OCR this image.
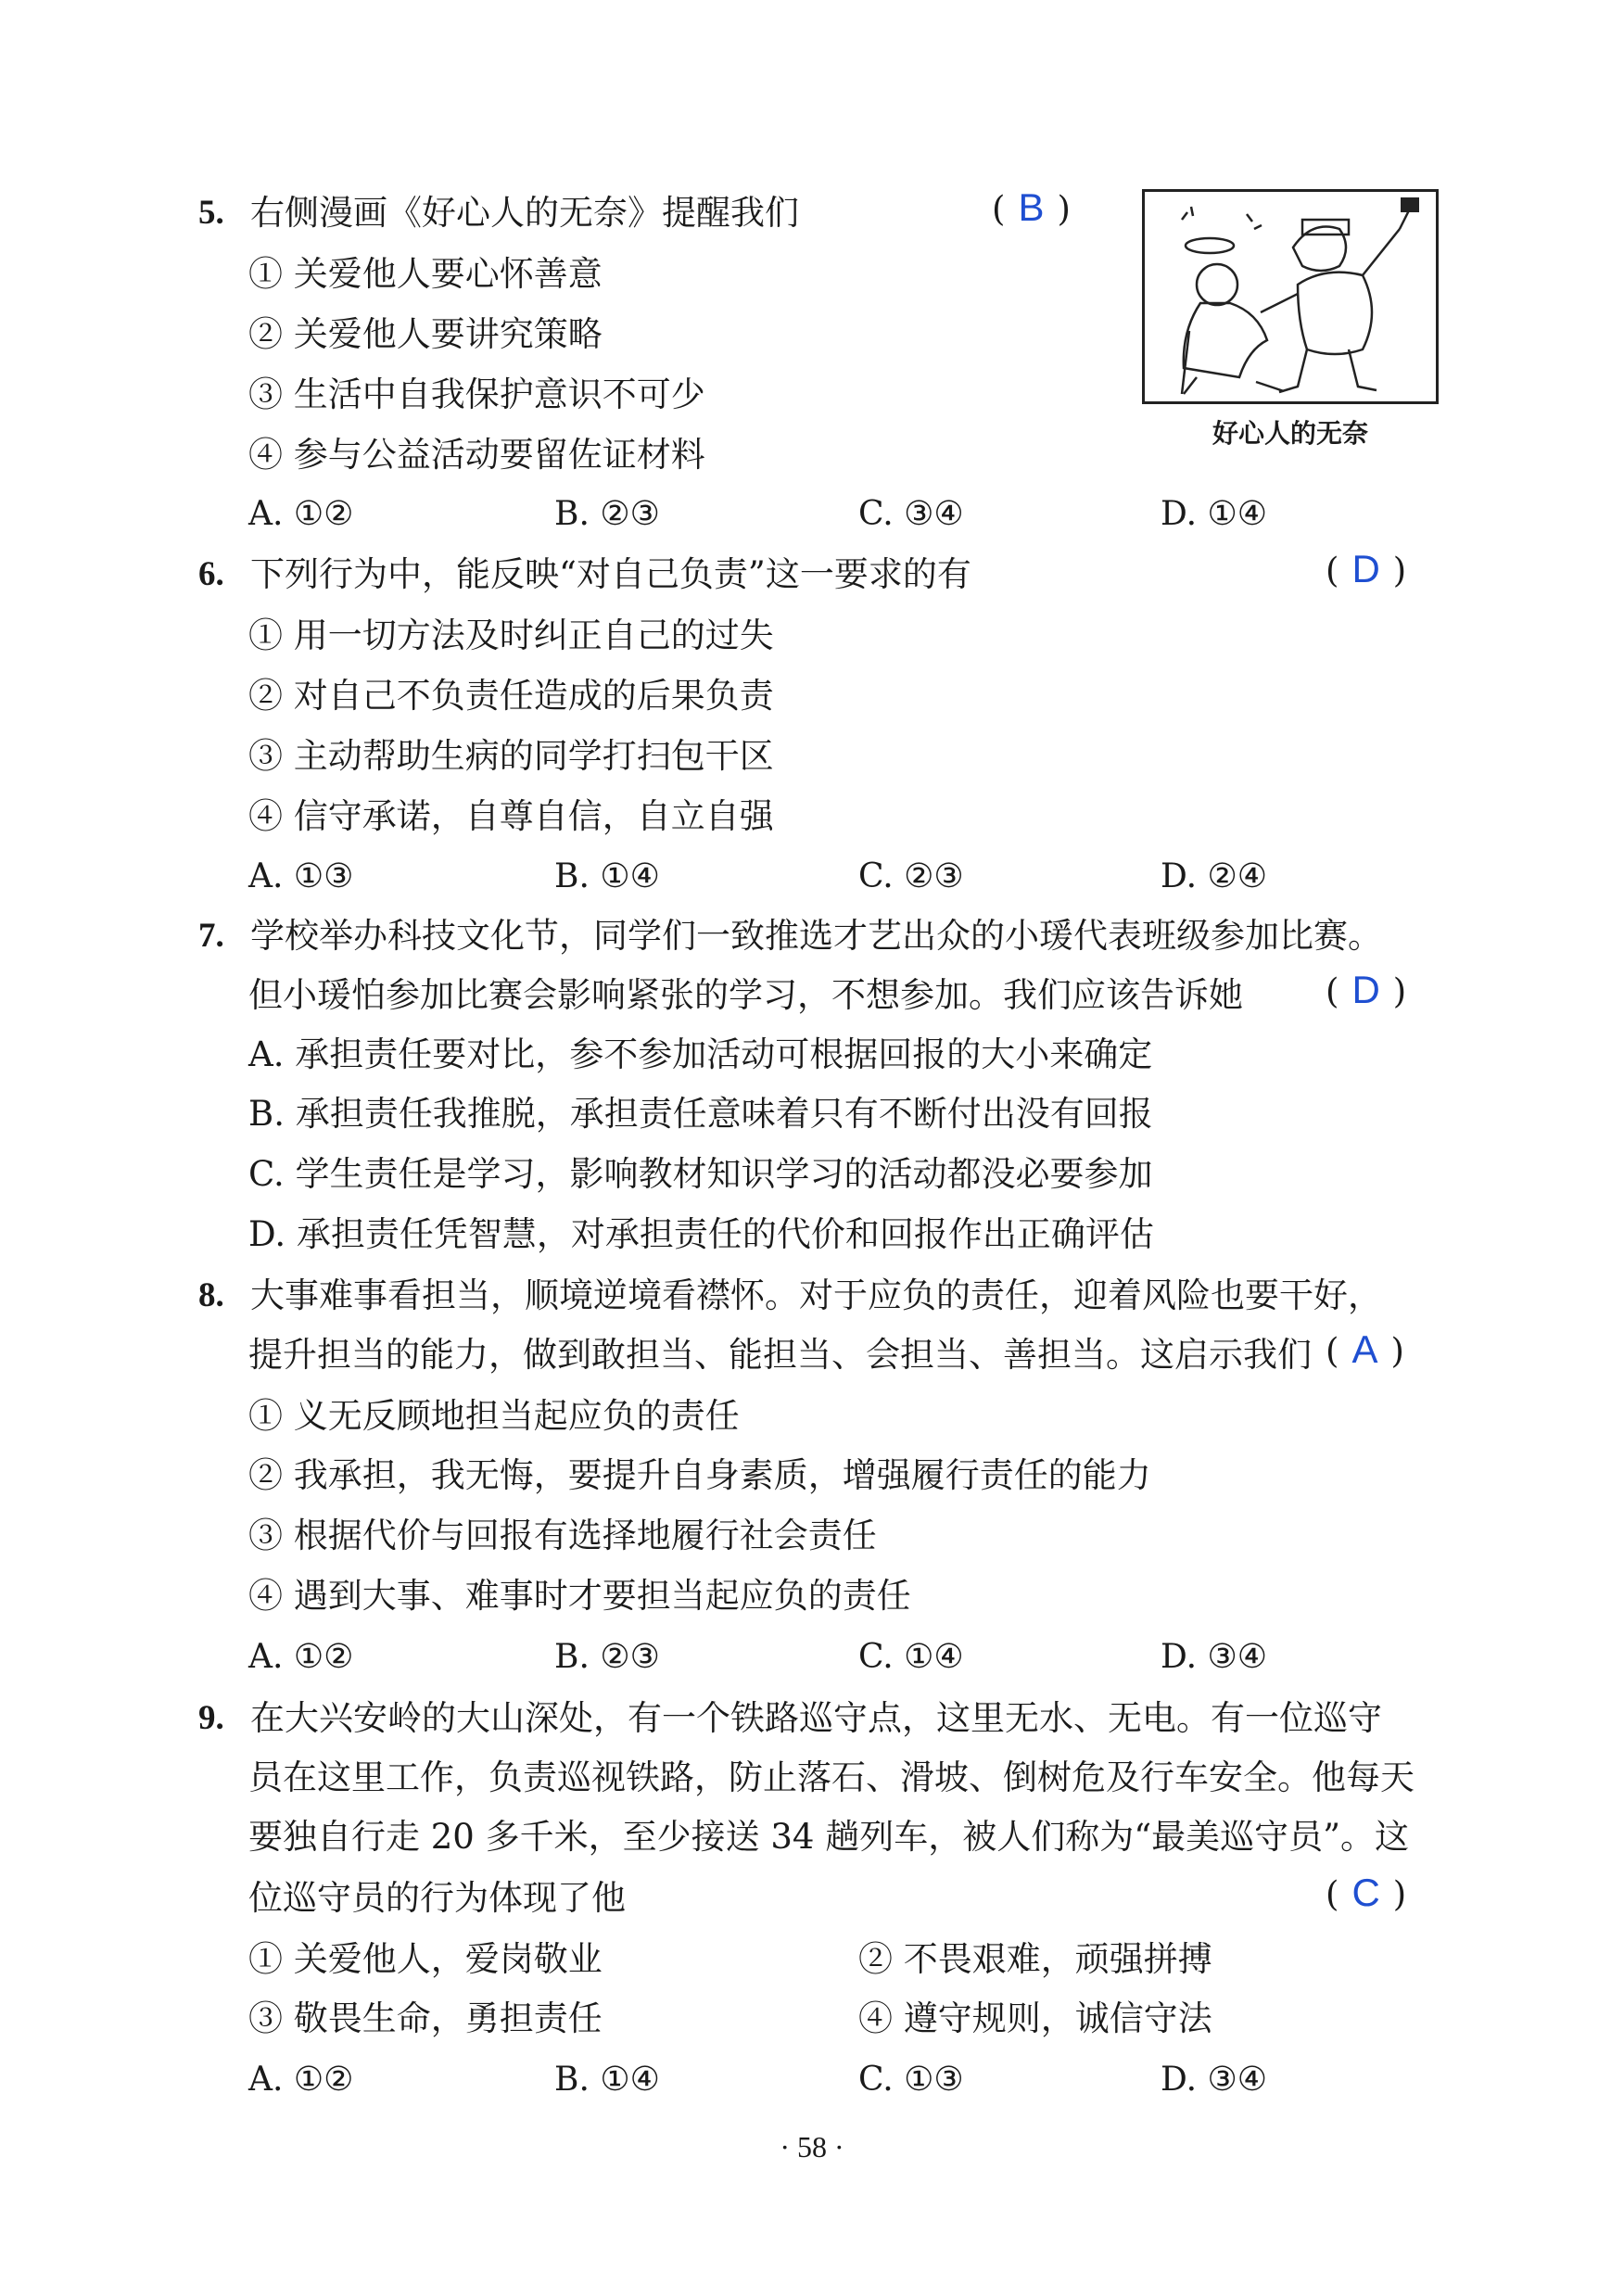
5. 右侧漫画《好心人的无奈》提醒我们	( B )
好心人的无奈
① 关爱他人要心怀善意
② 关爱他人要讲究策略
③ 生活中自我保护意识不可少
④ 参与公益活动要留佐证材料
A. ①②	B. ②③	C. ③④	D. ①④
6. 下列行为中，能反映“对自己负责”这一要求的有	( D )
① 用一切方法及时纠正自己的过失
② 对自己不负责任造成的后果负责
③ 主动帮助生病的同学打扫包干区
④ 信守承诺，自尊自信，自立自强
A. ①③	B. ①④	C. ②③	D. ②④
7. 学校举办科技文化节，同学们一致推选才艺出众的小瑗代表班级参加比赛。
但小瑗怕参加比赛会影响紧张的学习，不想参加。我们应该告诉她 ( D )
A. 承担责任要对比，参不参加活动可根据回报的大小来确定
B. 承担责任我推脱，承担责任意味着只有不断付出没有回报
C. 学生责任是学习，影响教材知识学习的活动都没必要参加
D. 承担责任凭智慧，对承担责任的代价和回报作出正确评估
8. 大事难事看担当，顺境逆境看襟怀。对于应负的责任，迎着风险也要干好，
提升担当的能力，做到敢担当、能担当、会担当、善担当。这启示我们 ( A )
① 义无反顾地担当起应负的责任
② 我承担，我无悔，要提升自身素质，增强履行责任的能力
③ 根据代价与回报有选择地履行社会责任
④ 遇到大事、难事时才要担当起应负的责任
A. ①②	B. ②③	C. ①④	D. ③④
9. 在大兴安岭的大山深处，有一个铁路巡守点，这里无水、无电。有一位巡守
员在这里工作，负责巡视铁路，防止落石、滑坡、倒树危及行车安全。他每天
要独自行走 20 多千米，至少接送 34 趟列车，被人们称为“最美巡守员”。这
位巡守员的行为体现了他	( C )
① 关爱他人，爱岗敬业	② 不畏艰难，顽强拼搏
③ 敬畏生命，勇担责任	④ 遵守规则，诚信守法
A. ①②	B. ①④	C. ①③	D. ③④
· 58 ·
